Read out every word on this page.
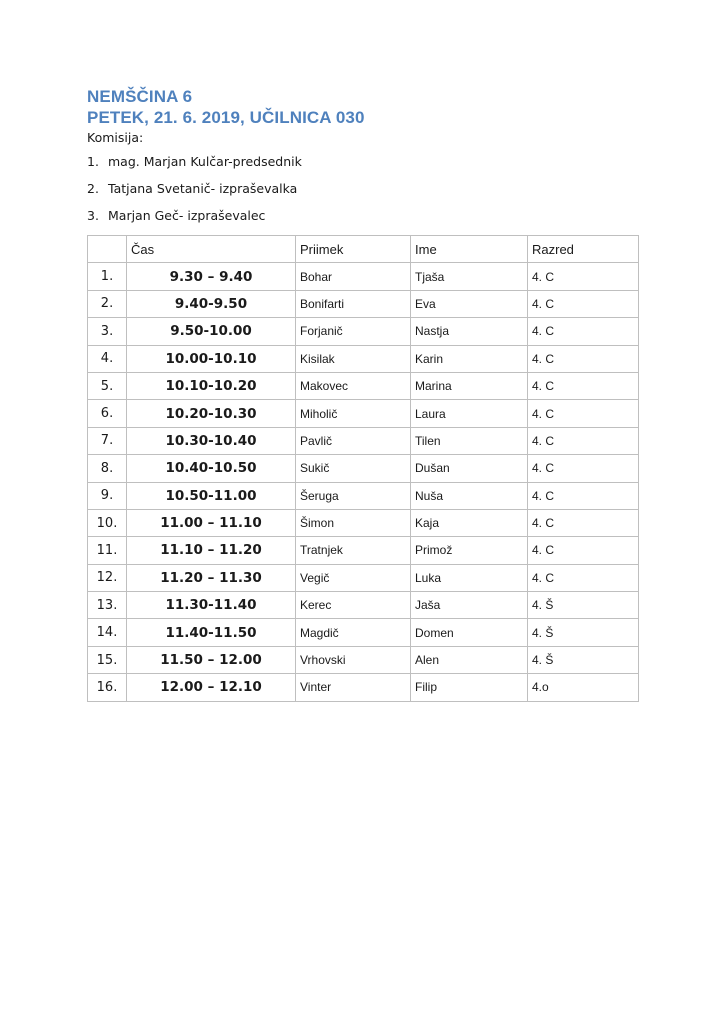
NEMŠČINA 6
PETEK, 21. 6. 2019, UČILNICA 030
Komisija:
1. mag. Marjan Kulčar-predsednik
2. Tatjana Svetanič- izpraševalka
3. Marjan Geč- izpraševalec
	Čas	Priimek	Ime	Razred
1.	9.30 – 9.40	Bohar	Tjaša	4. C
2.	9.40-9.50	Bonifarti	Eva	4. C
3.	9.50-10.00	Forjanič	Nastja	4. C
4.	10.00-10.10	Kisilak	Karin	4. C
5.	10.10-10.20	Makovec	Marina	4. C
6.	10.20-10.30	Miholič	Laura	4. C
7.	10.30-10.40	Pavlič	Tilen	4. C
8.	10.40-10.50	Sukič	Dušan	4. C
9.	10.50-11.00	Šeruga	Nuša	4. C
10.	11.00 – 11.10	Šimon	Kaja	4. C
11.	11.10 – 11.20	Tratnjek	Primož	4. C
12.	11.20 – 11.30	Vegič	Luka	4. C
13.	11.30-11.40	Kerec	Jaša	4. Š
14.	11.40-11.50	Magdič	Domen	4. Š
15.	11.50 – 12.00	Vrhovski	Alen	4. Š
16.	12.00 – 12.10	Vinter	Filip	4.o
